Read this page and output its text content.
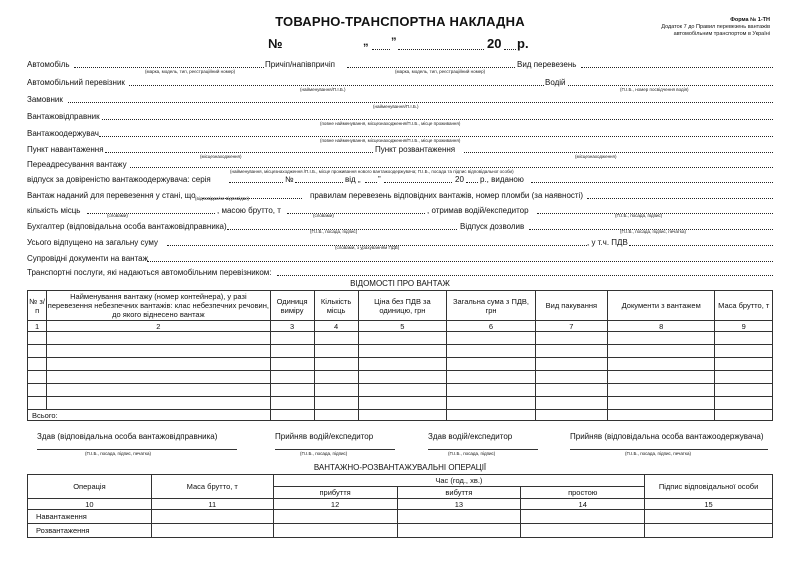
ТОВАРНО-ТРАНСПОРТНА НАКЛАДНА	Форма № 1-ТН
Додаток 7 до Правил перевезень вантажів
автомобільним транспортом в Україні
№	„ ”	20 р.
Автомобіль	Причіп/напівпричіп	Вид перевезень
(марка, модель, тип, реєстраційний номер)	(марка, модель, тип, реєстраційний номер)
Автомобільний перевізник	Водій
(найменування/П.І.Б.)	(П.І.Б., номер посвідчення водія)
Замовник
(найменування/П.І.Б.)
Вантажовідправник
(повне найменування, місцезнаходження/П.І.Б., місце проживання)
Вантажоодержувач
(повне найменування, місцезнаходження/П.І.Б., місце проживання)
Пункт навантаження	Пункт розвантаження
(місцезнаходження)	(місцезнаходження)
Переадресування вантажу
(найменування, місцезнаходження /П.І.Б., місце проживання нового вантажоодержувача; П.І.Б., посада та підпис відповідальної особи)
відпуск за довіреністю вантажоодержувача: серія	№	від „ ”	20 р., виданою
Вантаж наданий для перевезення у стані, що	правилам перевезень відповідних вантажів, номер пломби (за наявності)
(відповідає/не відповідає)
кількість місць	, масою брутто, т	, отримав водій/експедитор
(словами)	(словами)	(П.І.Б., посада, підпис)
Бухгалтер (відповідальна особа вантажовідправника)	Відпуск дозволив
(П.І.Б., посада, підпис)	(П.І.Б., посада, підпис, печатка)
Усього відпущено на загальну суму	, у т.ч. ПДВ
(словами, з урахуванням ПДВ)
Супровідні документи на вантаж
Транспортні послуги, які надаються автомобільним перевізником:
ВІДОМОСТІ ПРО ВАНТАЖ
№ з/п	Найменування вантажу (номер контейнера), у разі перевезення небезпечних вантажів: клас небезпечних речовин, до якого віднесено вантаж	Одиниця виміру	Кількість місць	Ціна без ПДВ за одиницю, грн	Загальна сума з ПДВ, грн	Вид пакування	Документи з вантажем	Маса брутто, т
1	2	3	4	5	6	7	8	9

Всього:								
Здав (відповідальна особа вантажовідправника)
(П.І.Б., посада, підпис, печатка)
Прийняв водій/експедитор
(П.І.Б., посада, підпис)
Здав водій/експедитор
(П.І.Б., посада, підпис)
Прийняв (відповідальна особа вантажоодержувача)
(П.І.Б., посада, підпис, печатка)
ВАНТАЖНО-РОЗВАНТАЖУВАЛЬНІ ОПЕРАЦІЇ
Операція	Маса брутто, т	Час (год., хв.)			Підпис відповідальної особи
		прибуття	вибуття	простою	
10	11	12	13	14	15
Навантаження					
Розвантаження					
